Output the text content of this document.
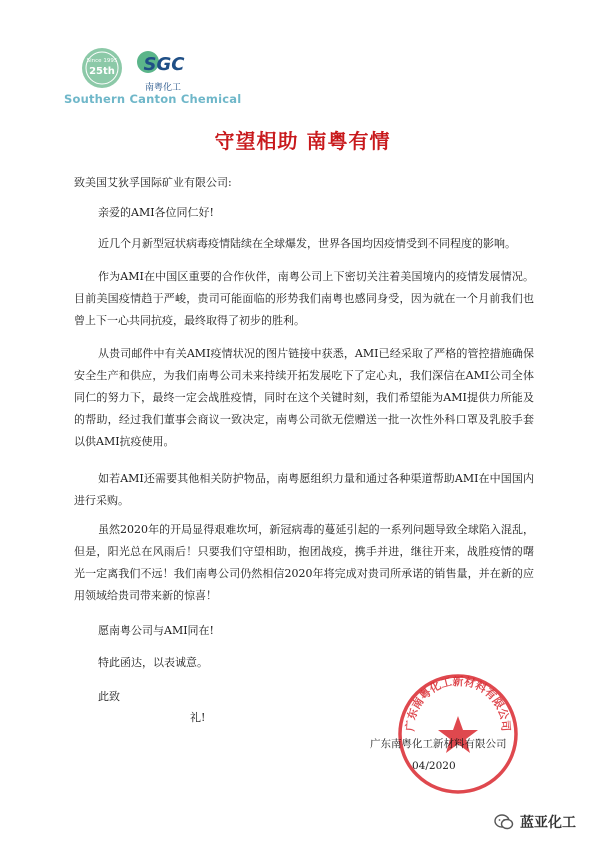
Since 1995
25th SGC
南粤化工
Southern Canton Chemical
守望相助 南粤有情

致美国艾狄孚国际矿业有限公司:

亲爱的AMI各位同仁好!

近几个月新型冠状病毒疫情陆续在全球爆发，世界各国均因疫情受到不同程度的影响。

作为AMI在中国区重要的合作伙伴，南粤公司上下密切关注着美国境内的疫情发展情况。目前美国疫情趋于严峻，贵司可能面临的形势我们南粤也感同身受，因为就在一个月前我们也曾上下一心共同抗疫，最终取得了初步的胜利。

从贵司邮件中有关AMI疫情状况的图片链接中获悉，AMI已经采取了严格的管控措施确保安全生产和供应，为我们南粤公司未来持续开拓发展吃下了定心丸，我们深信在AMI公司全体同仁的努力下，最终一定会战胜疫情，同时在这个关键时刻，我们希望能为AMI提供力所能及的帮助，经过我们董事会商议一致决定，南粤公司欲无偿赠送一批一次性外科口罩及乳胶手套以供AMI抗疫使用。

如若AMI还需要其他相关防护物品，南粤愿组织力量和通过各种渠道帮助AMI在中国国内进行采购。

虽然2020年的开局显得艰难坎坷，新冠病毒的蔓延引起的一系列问题导致全球陷入混乱，但是，阳光总在风雨后！只要我们守望相助，抱团战疫，携手并进，继往开来，战胜疫情的曙光一定离我们不远！我们南粤公司仍然相信2020年将完成对贵司所承诺的销售量，并在新的应用领域给贵司带来新的惊喜！

愿南粤公司与AMI同在!

特此函达，以表诚意。

此致

礼!

广东南粤化工新材料有限公司

广东南粤化工新材料有限公司

04/2020

蓝亚化工
